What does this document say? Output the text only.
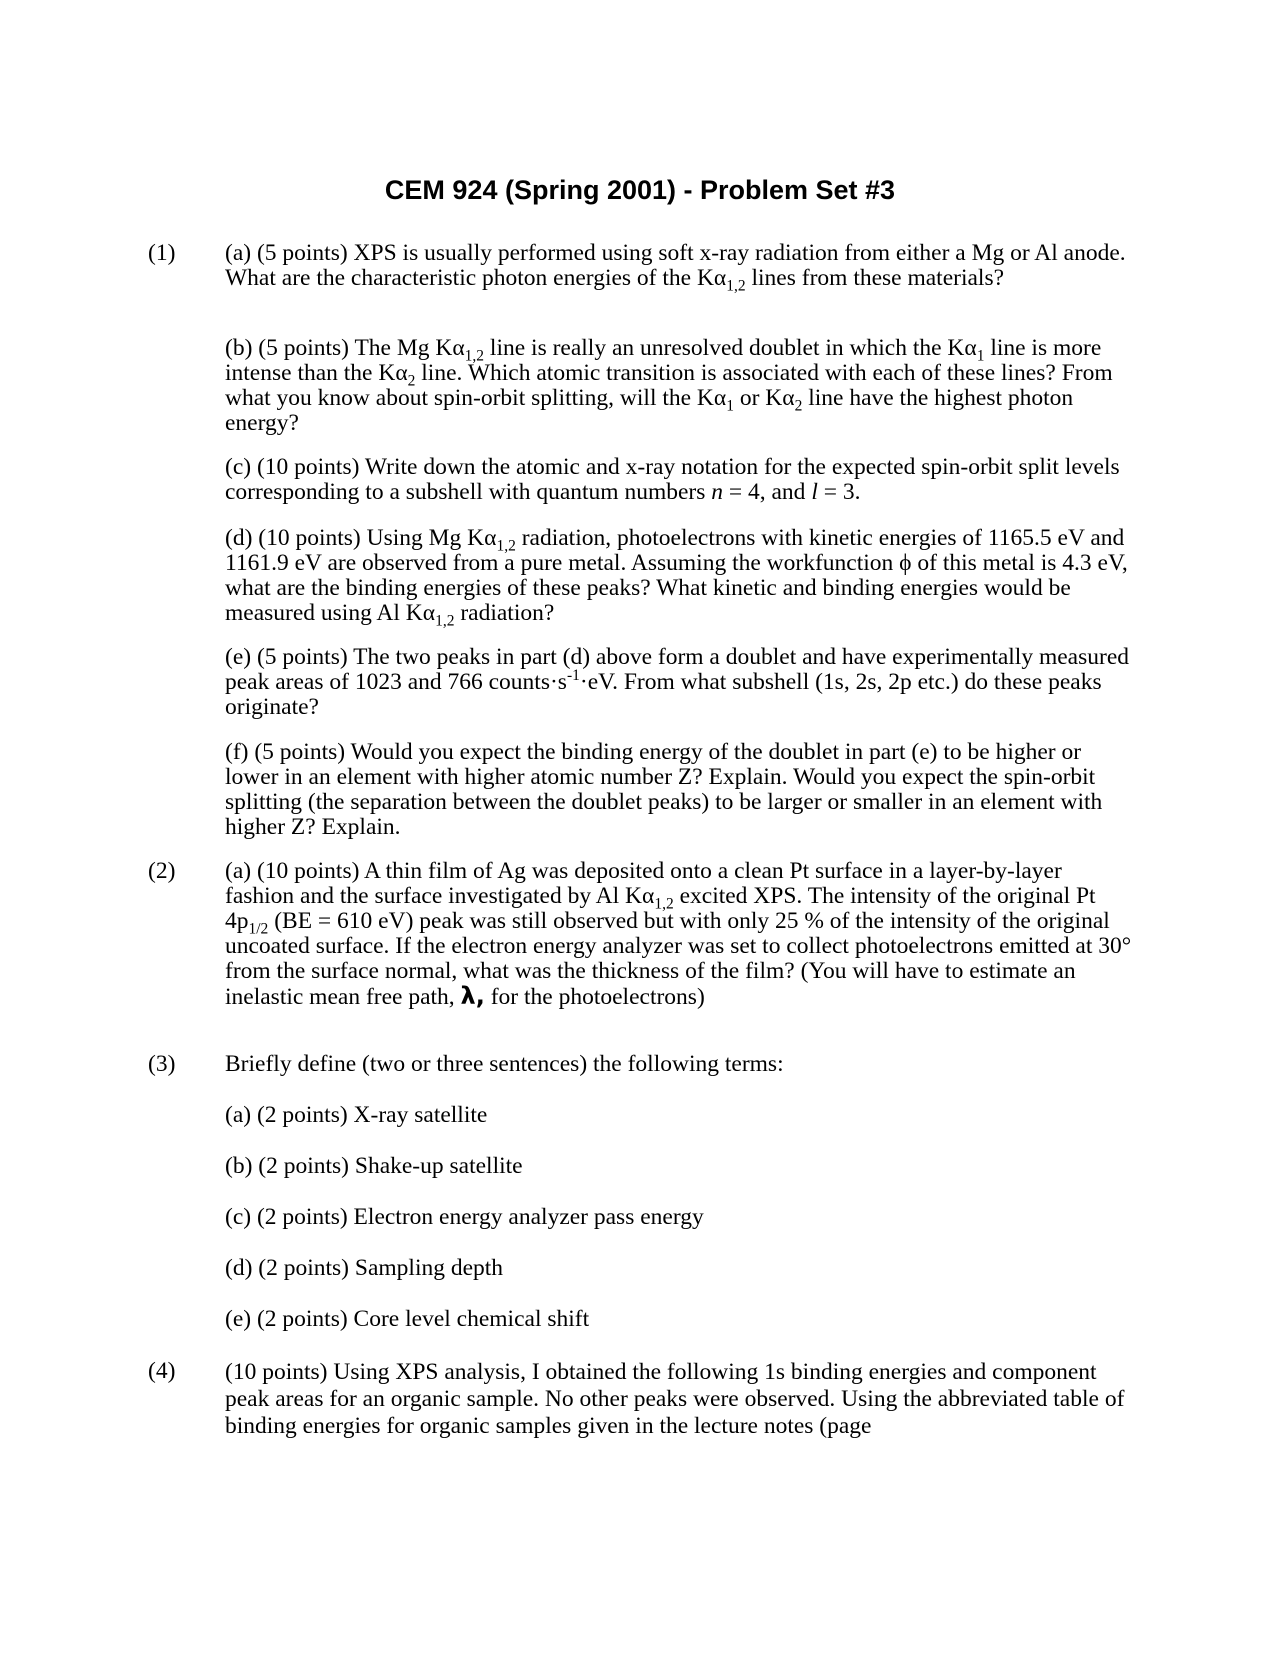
CEM 924 (Spring 2001) - Problem Set #3
(1) (a) (5 points) XPS is usually performed using soft x-ray radiation from either a Mg or Al anode. What are the characteristic photon energies of the $K\alpha_{1,2}$ lines from these materials?
(b) (5 points) The Mg $K\alpha_{1,2}$ line is really an unresolved doublet in which the $K\alpha_1$ line is more intense than the $K\alpha_2$ line. Which atomic transition is associated with each of these lines? From what you know about spin-orbit splitting, will the $K\alpha_1$ or $K\alpha_2$ line have the highest photon energy?
(c) (10 points) Write down the atomic and x-ray notation for the expected spin-orbit split levels corresponding to a subshell with quantum numbers n = 4, and l = 3.
(d) (10 points) Using Mg $K\alpha_{1,2}$ radiation, photoelectrons with kinetic energies of 1165.5 eV and 1161.9 eV are observed from a pure metal. Assuming the workfunction ϕ of this metal is 4.3 eV, what are the binding energies of these peaks? What kinetic and binding energies would be measured using Al $K\alpha_{1,2}$ radiation?
(e) (5 points) The two peaks in part (d) above form a doublet and have experimentally measured peak areas of 1023 and 766 $counts\cdot s^{-1}\cdot eV$. From what subshell (1s, 2s, 2p etc.) do these peaks originate?
(f) (5 points) Would you expect the binding energy of the doublet in part (e) to be higher or lower in an element with higher atomic number Z? Explain. Would you expect the spin-orbit splitting (the separation between the doublet peaks) to be larger or smaller in an element with higher Z? Explain.
(2) (a) (10 points) A thin film of Ag was deposited onto a clean Pt surface in a layer-by-layer fashion and the surface investigated by Al $K\alpha_{1,2}$ excited XPS. The intensity of the original Pt $4p_{1/2}$ (BE = 610 eV) peak was still observed but with only 25 % of the intensity of the original uncoated surface. If the electron energy analyzer was set to collect photoelectrons emitted at 30° from the surface normal, what was the thickness of the film? (You will have to estimate an inelastic mean free path, λ, for the photoelectrons)
(3) Briefly define (two or three sentences) the following terms:
(a) (2 points) X-ray satellite
(b) (2 points) Shake-up satellite
(c) (2 points) Electron energy analyzer pass energy
(d) (2 points) Sampling depth
(e) (2 points) Core level chemical shift
(4) (10 points) Using XPS analysis, I obtained the following 1s binding energies and component peak areas for an organic sample. No other peaks were observed. Using the abbreviated table of binding energies for organic samples given in the lecture notes (page
